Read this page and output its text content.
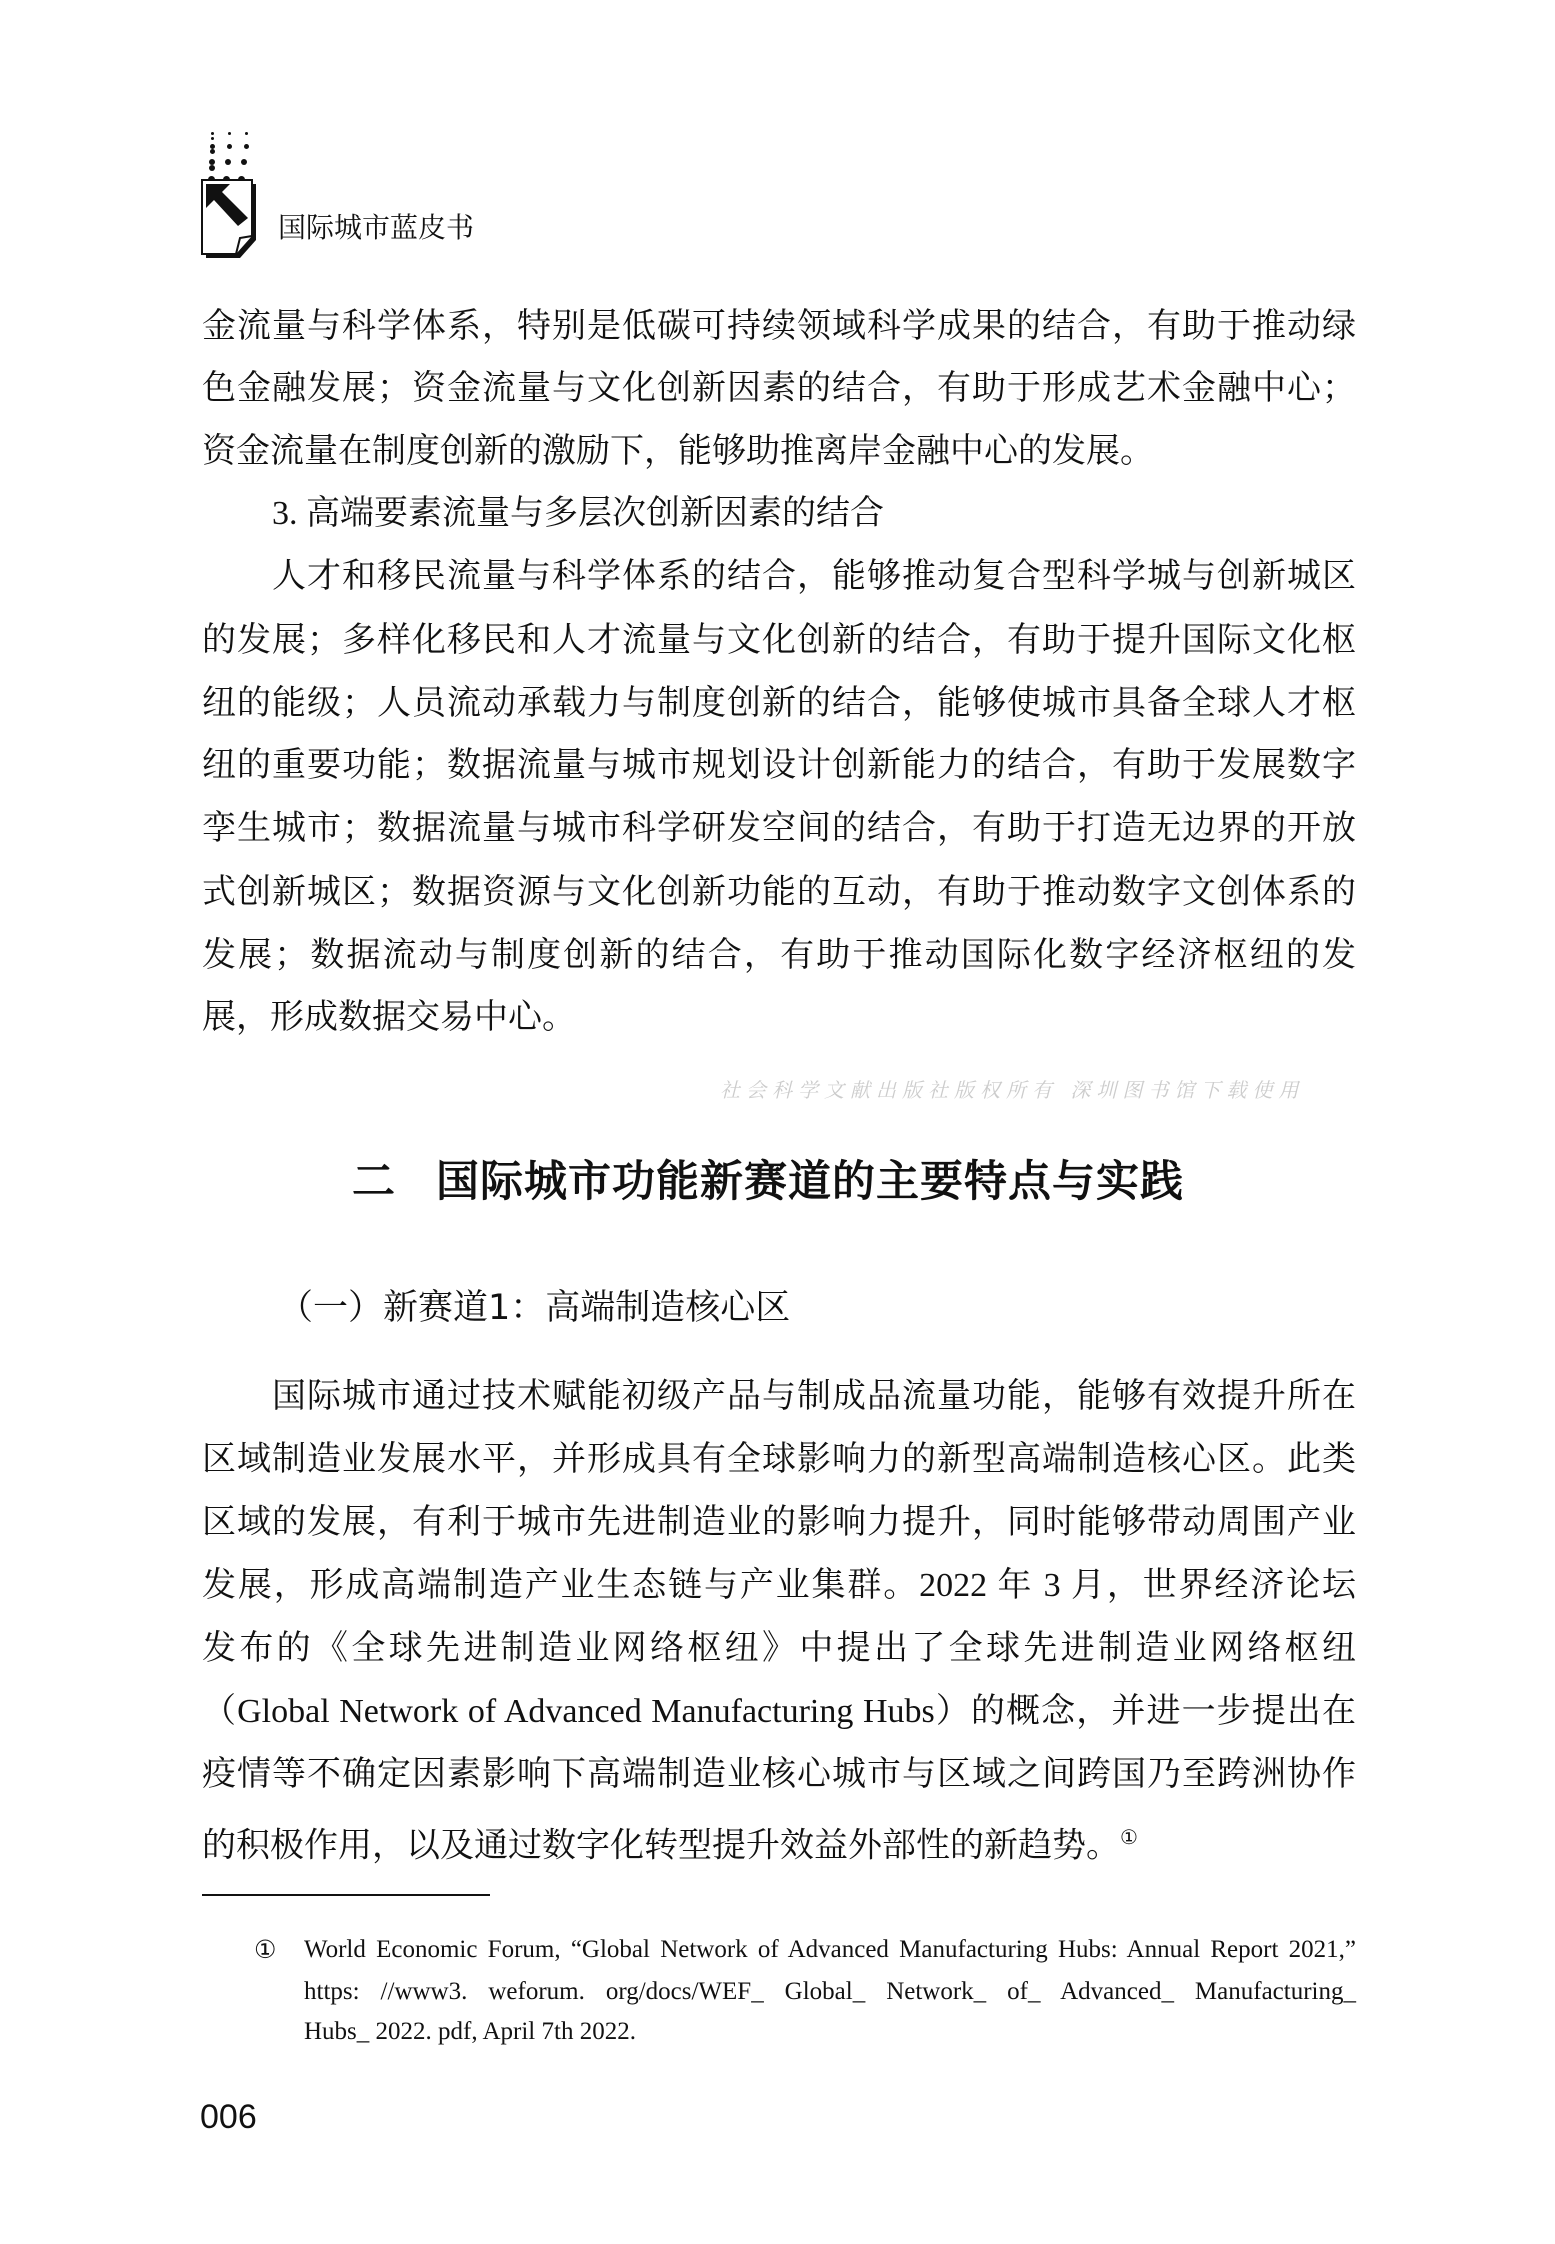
国际城市蓝皮书
社会科学文献出版社版权所有 深圳图书馆下载使用
金流量与科学体系，特别是低碳可持续领域科学成果的结合，有助于推动绿
色金融发展；资金流量与文化创新因素的结合，有助于形成艺术金融中心；
资金流量在制度创新的激励下，能够助推离岸金融中心的发展。
3. 高端要素流量与多层次创新因素的结合
人才和移民流量与科学体系的结合，能够推动复合型科学城与创新城区
的发展；多样化移民和人才流量与文化创新的结合，有助于提升国际文化枢
纽的能级；人员流动承载力与制度创新的结合，能够使城市具备全球人才枢
纽的重要功能；数据流量与城市规划设计创新能力的结合，有助于发展数字
孪生城市；数据流量与城市科学研发空间的结合，有助于打造无边界的开放
式创新城区；数据资源与文化创新功能的互动，有助于推动数字文创体系的
发展；数据流动与制度创新的结合，有助于推动国际化数字经济枢纽的发
展，形成数据交易中心。
二 国际城市功能新赛道的主要特点与实践
（一）新赛道1：高端制造核心区
国际城市通过技术赋能初级产品与制成品流量功能，能够有效提升所在
区域制造业发展水平，并形成具有全球影响力的新型高端制造核心区。此类
区域的发展，有利于城市先进制造业的影响力提升，同时能够带动周围产业
发展，形成高端制造产业生态链与产业集群。2022 年 3 月，世界经济论坛
发布的《全球先进制造业网络枢纽》中提出了全球先进制造业网络枢纽
（Global Network of Advanced Manufacturing Hubs）的概念，并进一步提出在
疫情等不确定因素影响下高端制造业核心城市与区域之间跨国乃至跨洲协作
的积极作用，以及通过数字化转型提升效益外部性的新趋势。①
① World Economic Forum, “Global Network of Advanced Manufacturing Hubs: Annual Report 2021,”
https: //www3. weforum. org/docs/WEF_ Global_ Network_ of_ Advanced_ Manufacturing_
Hubs_ 2022. pdf, April 7th 2022.
006
